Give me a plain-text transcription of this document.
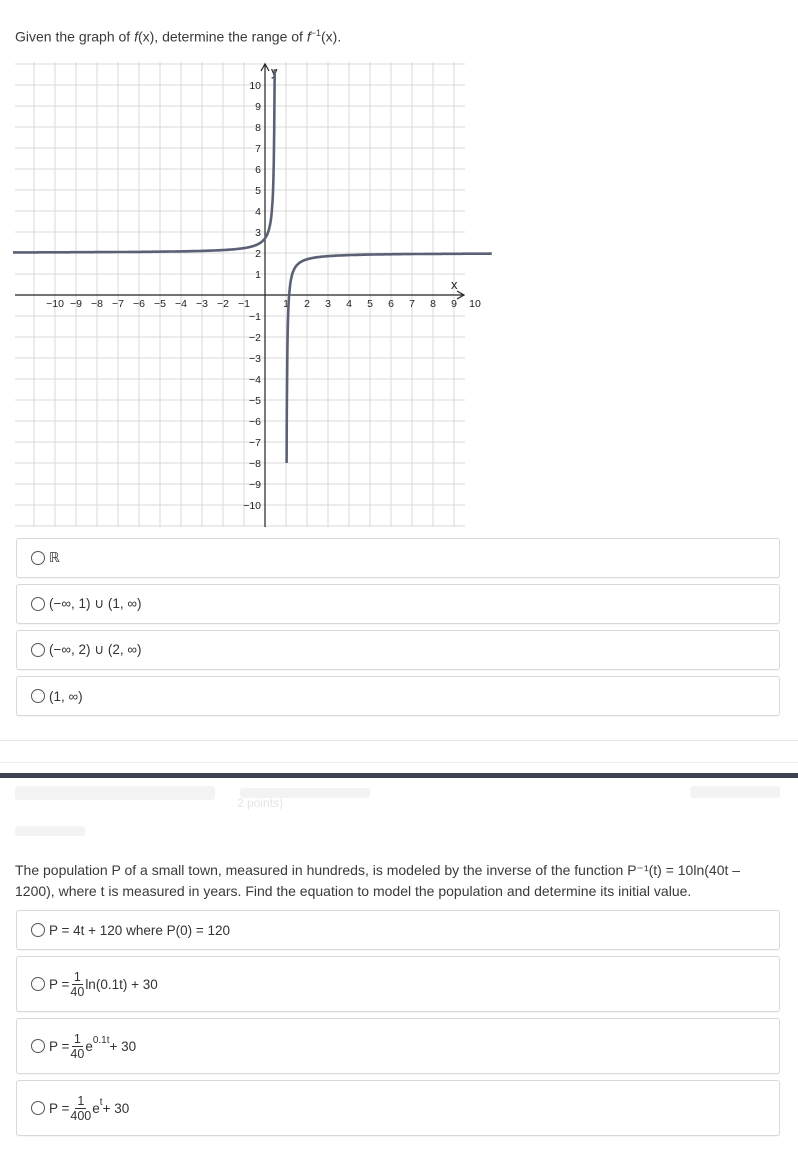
Given the graph of f(x), determine the range of $f^{-1}(x)$.
x
y
−10 −9 −8 −7 −6 −5 −4 −3 −2 −1	1 2 3 4 5 6 7 8 9 10
1
2
3
4
5
6
7
8
9
10
−1
−2
−3
−4
−5
−6
−7
−8
−9
−10
ℝ
(−∞, 1) ∪ (1, ∞)
(−∞, 2) ∪ (2, ∞)
(1, ∞)
2 points)
The population P of a small town, measured in hundreds, is modeled by the inverse of the function P⁻¹(t) = 10ln(40t – 1200), where t is measured in years. Find the equation to model the population and determine its initial value.
P = 4t + 120 where P(0) = 120
$P = \frac{1}{40} \ln(0.1t) + 30$
$P = \frac{1}{40} e^{0.1t} + 30$
$P = \frac{1}{400} e^t + 30$
